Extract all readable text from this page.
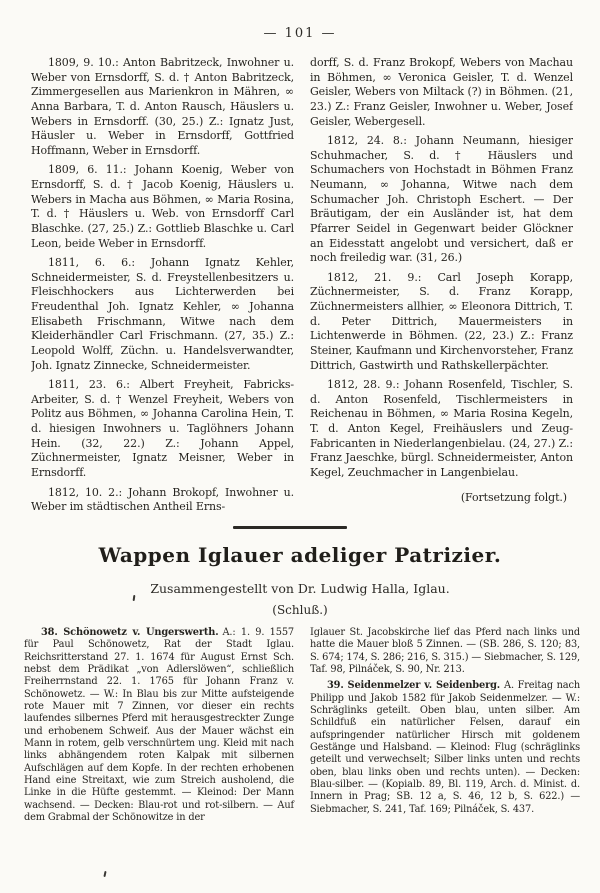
— 101 —

1809, 9. 10.: Anton Babritzeck, Inwohner u. Weber von Ernsdorff, S. d. † Anton Babritzeck, Zimmergesellen aus Marienkron in Mähren, ∞ Anna Barbara, T. d. Anton Rausch, Häuslers u. Webers in Ernsdorff. (30, 25.) Z.: Ignatz Just, Häusler u. Weber in Ernsdorff, Gottfried Hoffmann, Weber in Ernsdorff.

1809, 6. 11.: Johann Koenig, Weber von Ernsdorff, S. d. † Jacob Koenig, Häuslers u. Webers in Macha aus Böhmen, ∞ Maria Rosina, T. d. † Häuslers u. Web. von Ernsdorff Carl Blaschke. (27, 25.) Z.: Gottlieb Blaschke u. Carl Leon, beide Weber in Ernsdorff.

1811, 6. 6.: Johann Ignatz Kehler, Schneidermeister, S. d. Freystellenbesitzers u. Fleischhockers aus Lichterwerden bei Freudenthal Joh. Ignatz Kehler, ∞ Johanna Elisabeth Frischmann, Witwe nach dem Kleiderhändler Carl Frischmann. (27, 35.) Z.: Leopold Wolff, Züchn. u. Handelsverwandter, Joh. Ignatz Zinnecke, Schneidermeister.

1811, 23. 6.: Albert Freyheit, Fabricks-Arbeiter, S. d. † Wenzel Freyheit, Webers von Politz aus Böhmen, ∞ Johanna Carolina Hein, T. d. hiesigen Inwohners u. Taglöhners Johann Hein. (32, 22.) Z.: Johann Appel, Züchnermeister, Ignatz Meisner, Weber in Ernsdorff.

1812, 10. 2.: Johann Brokopf, Inwohner u. Weber im städtischen Antheil Erns-

dorff, S. d. Franz Brokopf, Webers von Machau in Böhmen, ∞ Veronica Geisler, T. d. Wenzel Geisler, Webers von Miltack (?) in Böhmen. (21, 23.) Z.: Franz Geisler, Inwohner u. Weber, Josef Geisler, Webergesell.

1812, 24. 8.: Johann Neumann, hiesiger Schuhmacher, S. d. † Häuslers und Schumachers von Hochstadt in Böhmen Franz Neumann, ∞ Johanna, Witwe nach dem Schumacher Joh. Christoph Eschert. — Der Bräutigam, der ein Ausländer ist, hat dem Pfarrer Seidel in Gegenwart beider Glöckner an Eidesstatt angelobt und versichert, daß er noch freiledig war. (31, 26.)

1812, 21. 9.: Carl Joseph Korapp, Züchnermeister, S. d. Franz Korapp, Züchnermeisters allhier, ∞ Eleonora Dittrich, T. d. Peter Dittrich, Mauermeisters in Lichtenwerde in Böhmen. (22, 23.) Z.: Franz Steiner, Kaufmann und Kirchenvorsteher, Franz Dittrich, Gastwirth und Rathskellerpächter.

1812, 28. 9.: Johann Rosenfeld, Tischler, S. d. Anton Rosenfeld, Tischlermeisters in Reichenau in Böhmen, ∞ Maria Rosina Kegeln, T. d. Anton Kegel, Freihäuslers und Zeug-Fabricanten in Niederlangenbielau. (24, 27.) Z.: Franz Jaeschke, bürgl. Schneidermeister, Anton Kegel, Zeuchmacher in Langenbielau.

(Fortsetzung folgt.)

Wappen Iglauer adeliger Patrizier.
Zusammengestellt von Dr. Ludwig Halla, Iglau.
(Schluß.)

38. Schönowetz v. Ungerswerth. A.: 1. 9. 1557 für Paul Schönowetz, Rat der Stadt Iglau. Reichsritterstand 27. 1. 1674 für August Ernst Sch. nebst dem Prädikat „von Adlerslöwen“, schließlich Freiherrnstand 22. 1. 1765 für Johann Franz v. Schönowetz. — W.: In Blau bis zur Mitte aufsteigende rote Mauer mit 7 Zinnen, vor dieser ein rechts laufendes silbernes Pferd mit herausgestreckter Zunge und erhobenem Schweif. Aus der Mauer wächst ein Mann in rotem, gelb verschnürtem ung. Kleid mit nach links abhängendem roten Kalpak mit silbernen Aufschlägen auf dem Kopfe. In der rechten erhobenen Hand eine Streitaxt, wie zum Streich ausholend, die Linke in die Hüfte gestemmt. — Kleinod: Der Mann wachsend. — Decken: Blau-rot und rot-silbern. — Auf dem Grabmal der Schönowitze in der

Iglauer St. Jacobskirche lief das Pferd nach links und hatte die Mauer bloß 5 Zinnen. — (SB. 286, S. 120; 83, S. 674; 174, S. 286; 216, S. 315.) — Siebmacher, S. 129, Taf. 98, Pilnáček, S. 90, Nr. 213.

39. Seidenmelzer v. Seidenberg. A. Freitag nach Philipp und Jakob 1582 für Jakob Seidenmelzer. — W.: Schräglinks geteilt. Oben blau, unten silber. Am Schildfuß ein natürlicher Felsen, darauf ein aufspringender natürlicher Hirsch mit goldenem Gestänge und Halsband. — Kleinod: Flug (schräglinks geteilt und verwechselt; Silber links unten und rechts oben, blau links oben und rechts unten). — Decken: Blau-silber. — (Kopialb. 89, Bl. 119, Arch. d. Minist. d. Innern in Prag; SB. 12 a, S. 46, 12 b, S. 622.) — Siebmacher, S. 241, Taf. 169; Pilnáček, S. 437.
